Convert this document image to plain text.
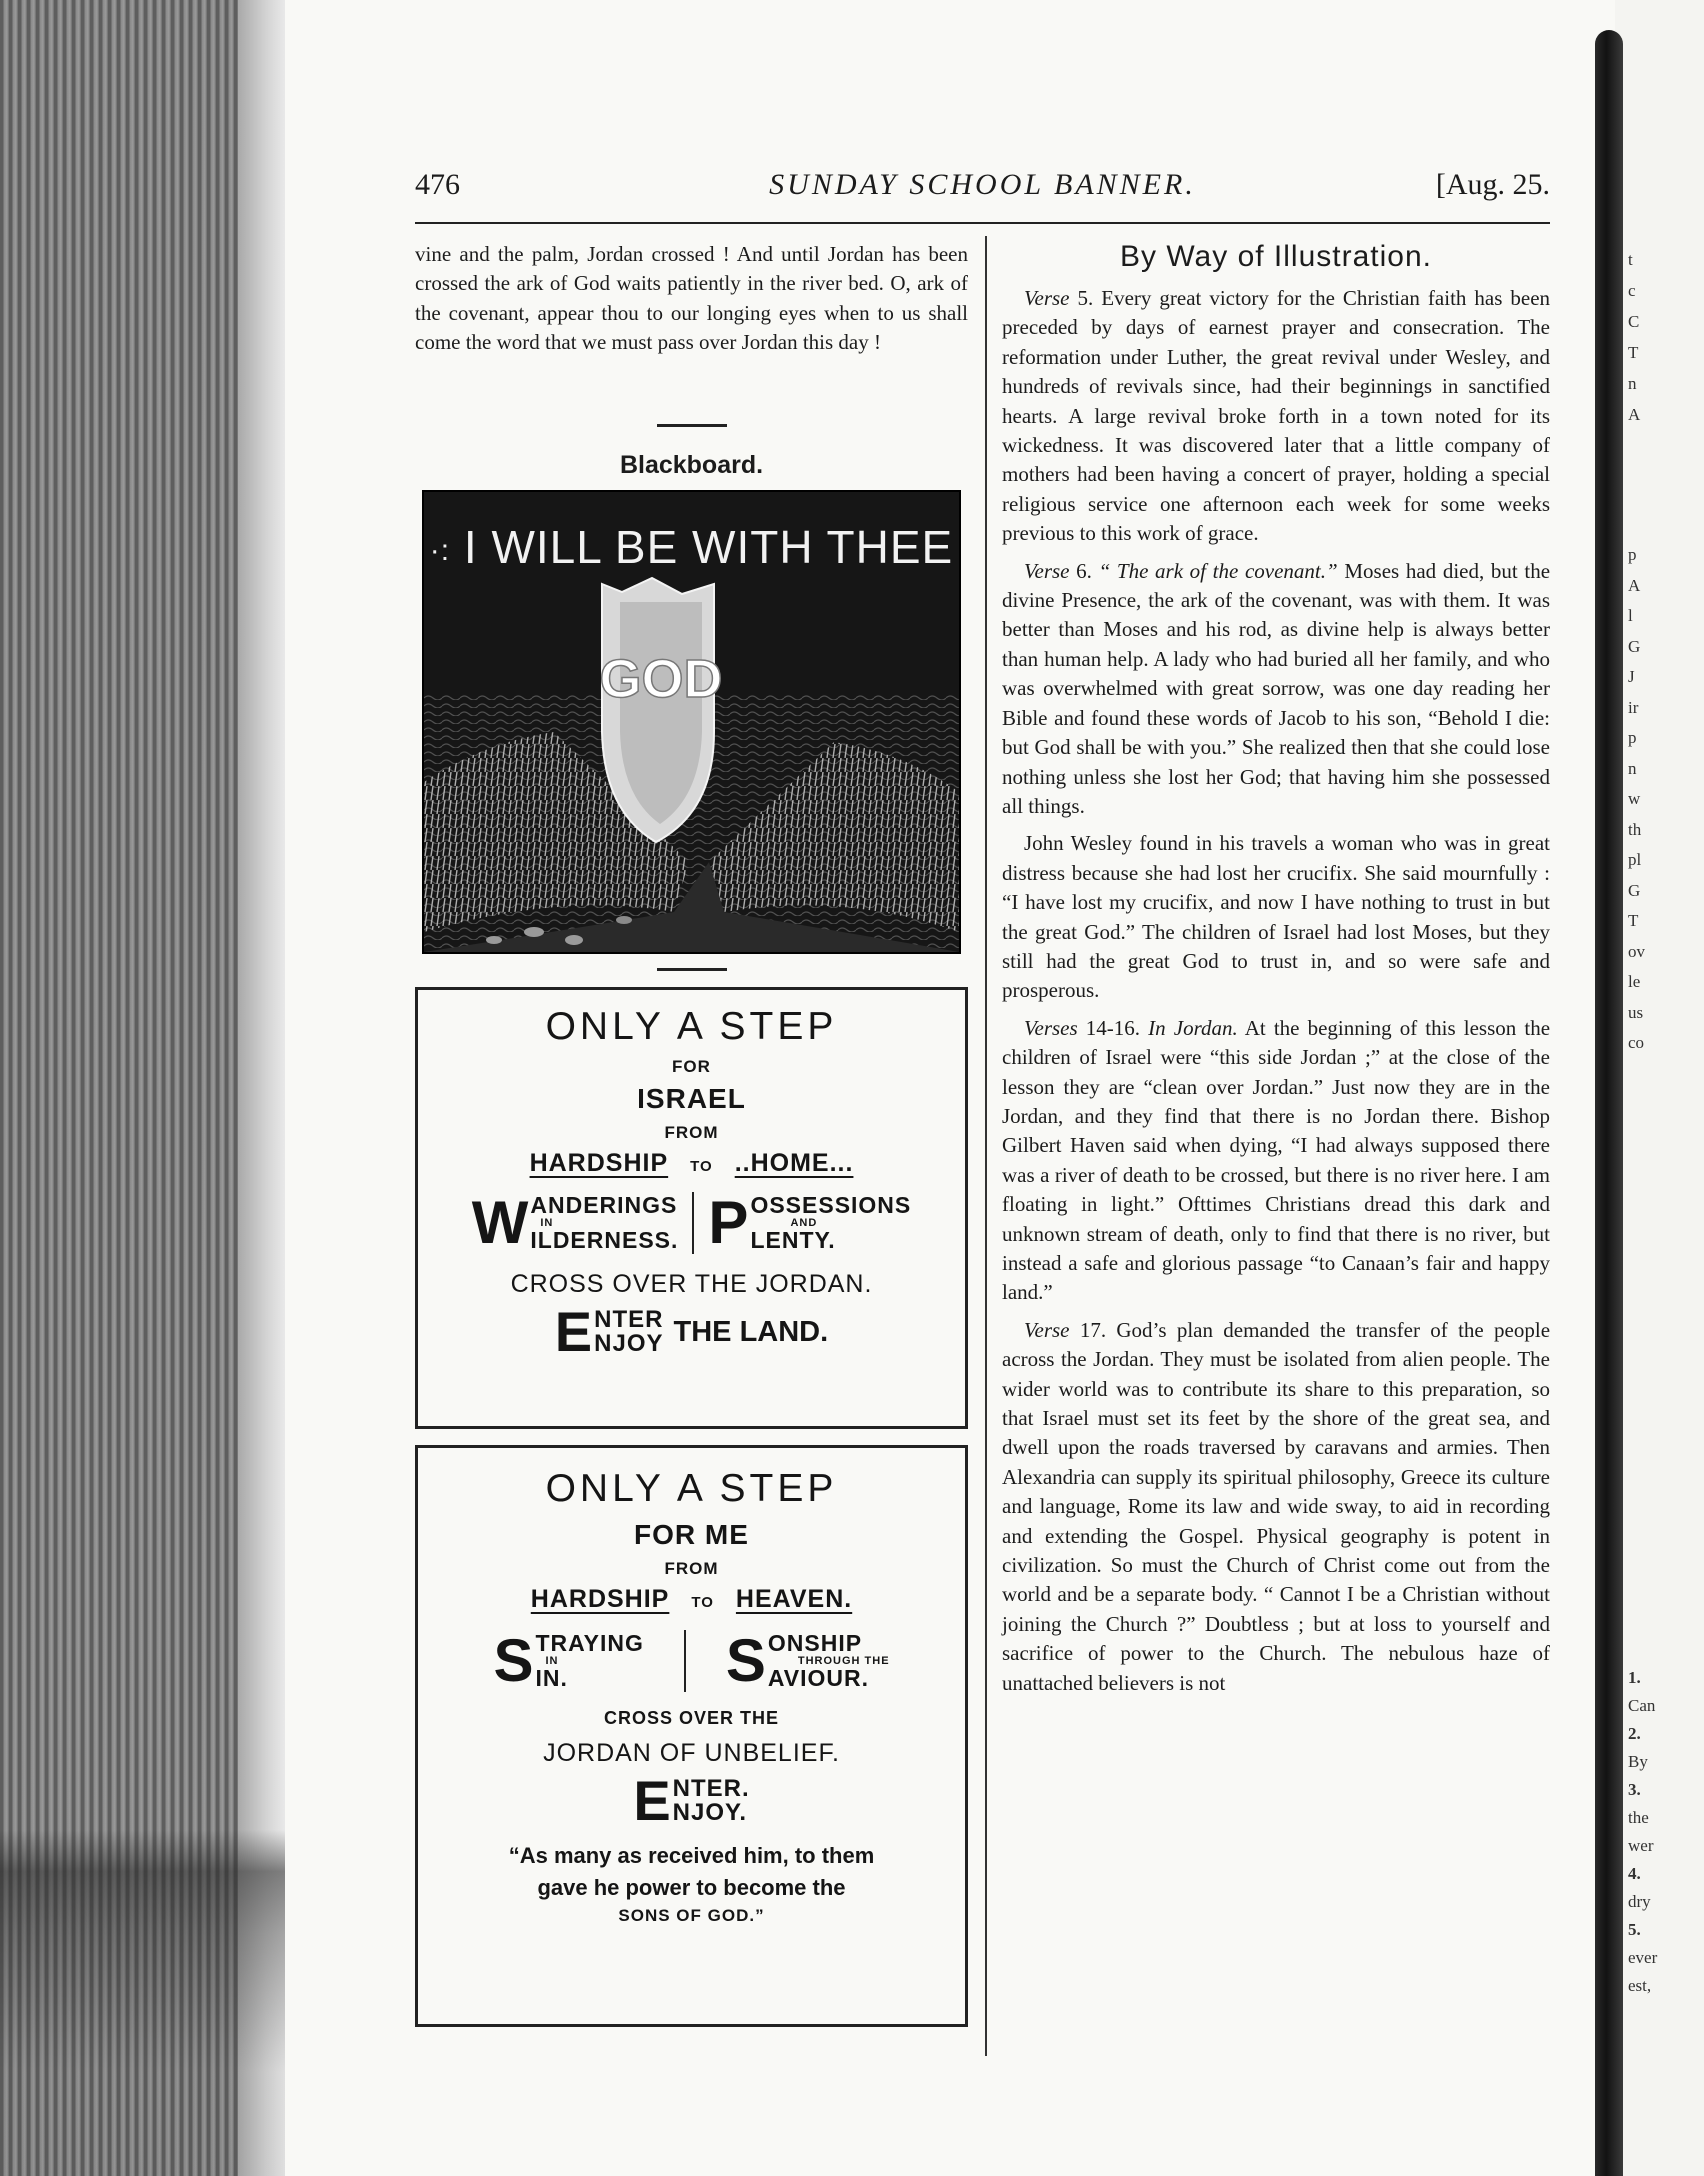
t
c
C
T
n
A
p
A
l
G
J
ir
p
n
w
th
pl
G
T
ov
le
us
co
1.
Can
2.
By
3.
the
wer
4.
dry
5.
ever
est,
476	SUNDAY SCHOOL BANNER.	[Aug. 25.

vine and the palm, Jordan crossed ! And until Jordan has been crossed the ark of God waits patiently in the river bed. O, ark of the covenant, appear thou to our longing eyes when to us shall come the word that we must pass over Jordan this day !

Blackboard.
·: I WILL BE WITH THEE
GOD
ONLY A STEP
FOR
ISRAEL
FROM
HARDSHIP TO ..HOME...
W ANDERINGS
IN
ILDERNESS. P OSSESSIONS
AND
LENTY.
CROSS OVER THE JORDAN.
E NTER
NJOY THE LAND.
ONLY A STEP
FOR ME
FROM
HARDSHIP TO HEAVEN.
S TRAYING
IN
IN.	S ONSHIP
THROUGH THE
AVIOUR.
CROSS OVER THE
JORDAN OF UNBELIEF.
E NTER.
NJOY.
“As many as received him, to them
gave he power to become the
SONS OF GOD.”
By Way of Illustration.

Verse 5. Every great victory for the Christian faith has been preceded by days of earnest prayer and consecration. The reformation under Luther, the great revival under Wesley, and hundreds of revivals since, had their beginnings in sanctified hearts. A large revival broke forth in a town noted for its wickedness. It was discovered later that a little company of mothers had been having a concert of prayer, holding a special religious service one afternoon each week for some weeks previous to this work of grace.

Verse 6. “ The ark of the covenant.” Moses had died, but the divine Presence, the ark of the covenant, was with them. It was better than Moses and his rod, as divine help is always better than human help. A lady who had buried all her family, and who was overwhelmed with great sorrow, was one day reading her Bible and found these words of Jacob to his son, “Behold I die: but God shall be with you.” She realized then that she could lose nothing unless she lost her God; that having him she possessed all things.

John Wesley found in his travels a woman who was in great distress because she had lost her crucifix. She said mournfully : “I have lost my crucifix, and now I have nothing to trust in but the great God.” The children of Israel had lost Moses, but they still had the great God to trust in, and so were safe and prosperous.

Verses 14-16. In Jordan. At the beginning of this lesson the children of Israel were “this side Jordan ;” at the close of the lesson they are “clean over Jordan.” Just now they are in the Jordan, and they find that there is no Jordan there. Bishop Gilbert Haven said when dying, “I had always supposed there was a river of death to be crossed, but there is no river here. I am floating in light.” Ofttimes Christians dread this dark and unknown stream of death, only to find that there is no river, but instead a safe and glorious passage “to Canaan’s fair and happy land.”

Verse 17. God’s plan demanded the transfer of the people across the Jordan. They must be isolated from alien people. The wider world was to contribute its share to this preparation, so that Israel must set its feet by the shore of the great sea, and dwell upon the roads traversed by caravans and armies. Then Alexandria can supply its spiritual philosophy, Greece its culture and language, Rome its law and wide sway, to aid in recording and extending the Gospel. Physical geography is potent in civilization. So must the Church of Christ come out from the world and be a separate body. “ Cannot I be a Christian without joining the Church ?” Doubtless ; but at loss to yourself and sacrifice of power to the Church. The nebulous haze of unattached believers is not
